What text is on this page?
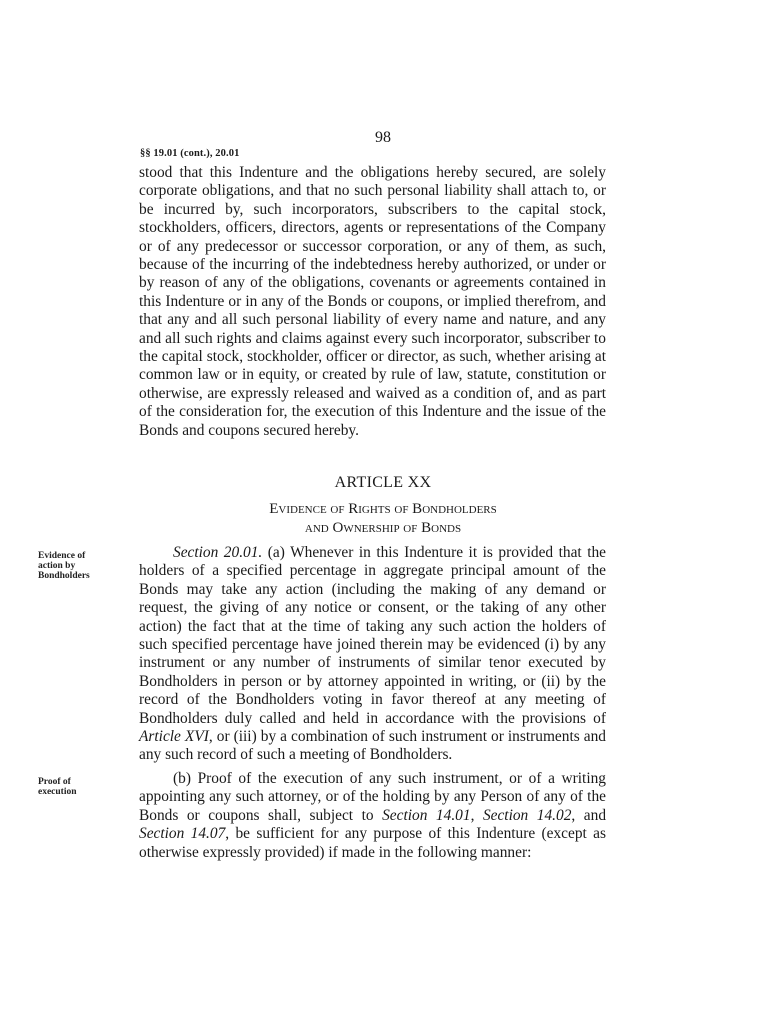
98
§§ 19.01 (cont.), 20.01

stood that this Indenture and the obligations hereby secured, are solely corporate obligations, and that no such personal liability shall attach to, or be incurred by, such incorporators, subscribers to the capital stock, stockholders, officers, directors, agents or representations of the Company or of any predecessor or successor corporation, or any of them, as such, because of the incurring of the indebtedness hereby authorized, or under or by reason of any of the obligations, covenants or agreements contained in this Indenture or in any of the Bonds or coupons, or implied therefrom, and that any and all such personal liability of every name and nature, and any and all such rights and claims against every such incorporator, subscriber to the capital stock, stockholder, officer or director, as such, whether arising at common law or in equity, or created by rule of law, statute, constitution or otherwise, are expressly released and waived as a condition of, and as part of the consideration for, the execution of this Indenture and the issue of the Bonds and coupons secured hereby.

ARTICLE XX
Evidence of Rights of Bondholders
and Ownership of Bonds
Evidence of
action by
Bondholders

Section 20.01. (a) Whenever in this Indenture it is provided that the holders of a specified percentage in aggregate principal amount of the Bonds may take any action (including the making of any demand or request, the giving of any notice or consent, or the taking of any other action) the fact that at the time of taking any such action the holders of such specified percentage have joined therein may be evidenced (i) by any instrument or any number of instruments of similar tenor executed by Bondholders in person or by attorney appointed in writing, or (ii) by the record of the Bondholders voting in favor thereof at any meeting of Bondholders duly called and held in accordance with the provisions of Article XVI, or (iii) by a combination of such instrument or instruments and any such record of such a meeting of Bondholders.

Proof of
execution

(b) Proof of the execution of any such instrument, or of a writing appointing any such attorney, or of the holding by any Person of any of the Bonds or coupons shall, subject to Section 14.01, Section 14.02, and Section 14.07, be sufficient for any purpose of this Indenture (except as otherwise expressly provided) if made in the following manner:
